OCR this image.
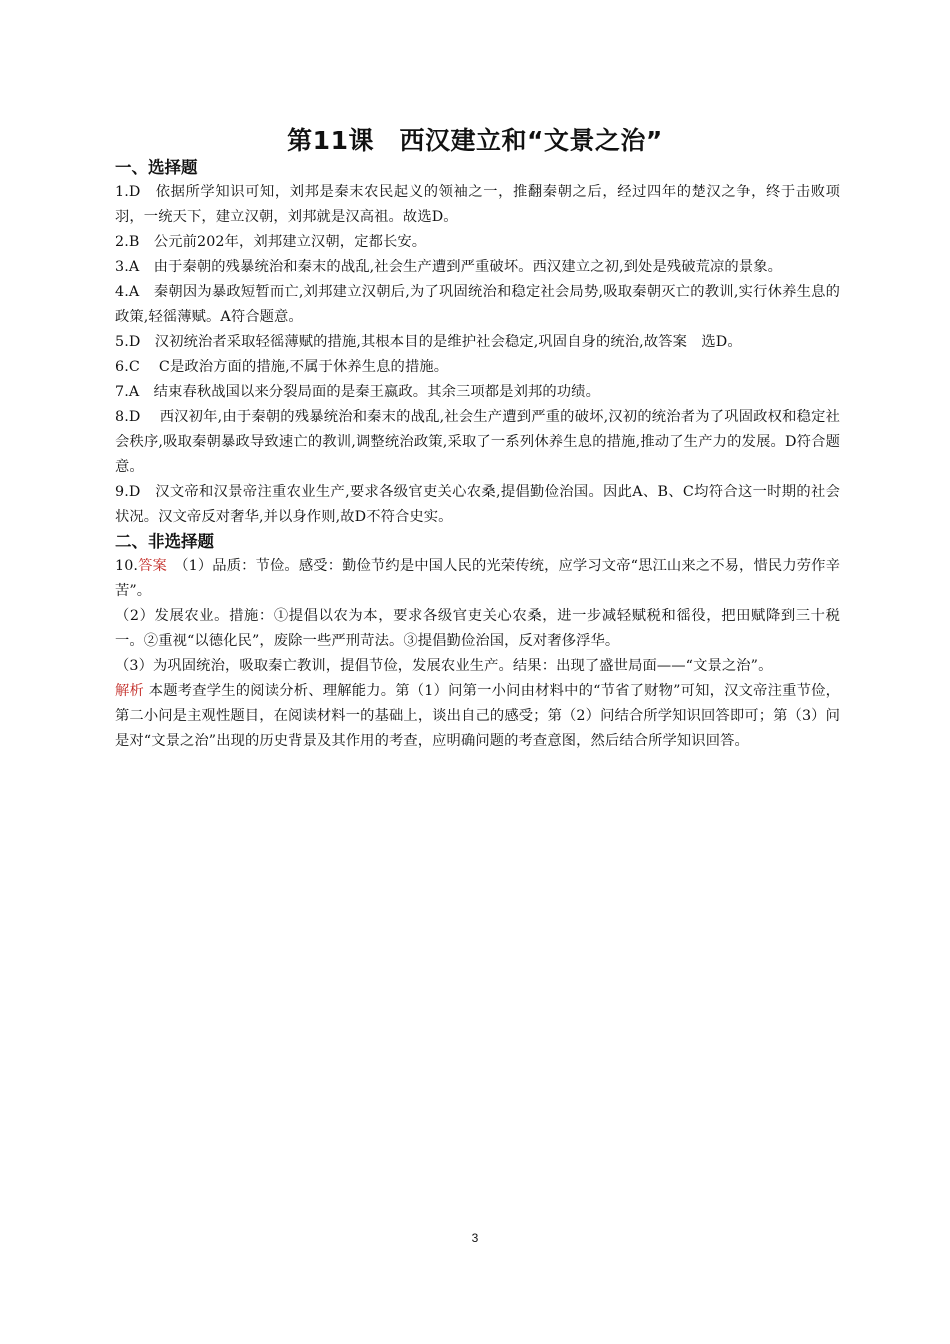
第11课　西汉建立和“文景之治”

一、选择题

1.D　依据所学知识可知，刘邦是秦末农民起义的领袖之一，推翻秦朝之后，经过四年的楚汉之争，终于击败项羽，一统天下，建立汉朝，刘邦就是汉高祖。故选D。

2.B　公元前202年，刘邦建立汉朝，定都长安。

3.A　由于秦朝的残暴统治和秦末的战乱,社会生产遭到严重破坏。西汉建立之初,到处是残破荒凉的景象。

4.A　秦朝因为暴政短暂而亡,刘邦建立汉朝后,为了巩固统治和稳定社会局势,吸取秦朝灭亡的教训,实行休养生息的政策,轻徭薄赋。A符合题意。

5.D　汉初统治者采取轻徭薄赋的措施,其根本目的是维护社会稳定,巩固自身的统治,故答案　选D。

6.C　 C是政治方面的措施,不属于休养生息的措施。

7.A　结束春秋战国以来分裂局面的是秦王嬴政。其余三项都是刘邦的功绩。

8.D　 西汉初年,由于秦朝的残暴统治和秦末的战乱,社会生产遭到严重的破坏,汉初的统治者为了巩固政权和稳定社会秩序,吸取秦朝暴政导致速亡的教训,调整统治政策,采取了一系列休养生息的措施,推动了生产力的发展。D符合题意。

9.D　汉文帝和汉景帝注重农业生产,要求各级官吏关心农桑,提倡勤俭治国。因此A、B、C均符合这一时期的社会状况。汉文帝反对奢华,并以身作则,故D不符合史实。

二、非选择题

10.答案　（1）品质：节俭。感受：勤俭节约是中国人民的光荣传统，应学习文帝“思江山来之不易，惜民力劳作辛苦”。

（2）发展农业。措施：①提倡以农为本，要求各级官吏关心农桑，进一步减轻赋税和徭役，把田赋降到三十税一。②重视“以德化民”，废除一些严刑苛法。③提倡勤俭治国，反对奢侈浮华。

（3）为巩固统治，吸取秦亡教训，提倡节俭，发展农业生产。结果：出现了盛世局面——“文景之治”。

解析 本题考查学生的阅读分析、理解能力。第（1）问第一小问由材料中的“节省了财物”可知，汉文帝注重节俭，第二小问是主观性题目，在阅读材料一的基础上，谈出自己的感受；第（2）问结合所学知识回答即可；第（3）问是对“文景之治”出现的历史背景及其作用的考查，应明确问题的考查意图，然后结合所学知识回答。

3
